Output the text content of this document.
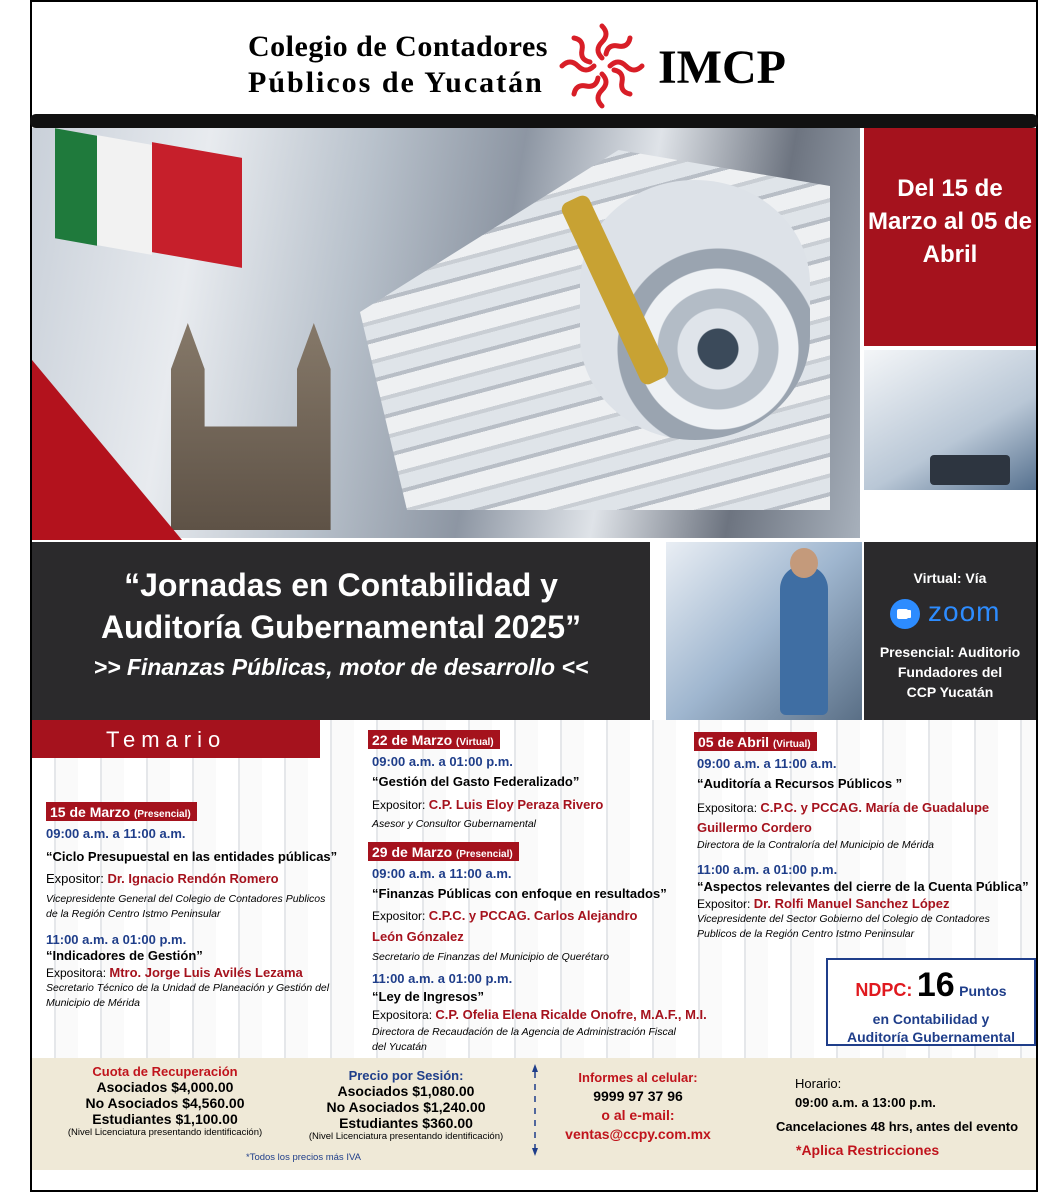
Colegio de Contadores
Públicos de Yucatán IMCP
Del 15 de Marzo al 05 de Abril
“Jornadas en Contabilidad y
Auditoría Gubernamental 2025”
>> Finanzas Públicas, motor de desarrollo <<
Virtual: Vía
zoom
Presencial: Auditorio
Fundadores del
CCP Yucatán
Temario
15 de Marzo (Presencial)
09:00 a.m. a 11:00 a.m.
“Ciclo Presupuestal en las entidades públicas”
Expositor: Dr. Ignacio Rendón Romero
Vicepresidente General del Colegio de Contadores Publicos
de la Región Centro Istmo Peninsular
11:00 a.m. a 01:00 p.m.
“Indicadores de Gestión”
Expositora: Mtro. Jorge Luis Avilés Lezama
Secretario Técnico de la Unidad de Planeación y Gestión del
Municipio de Mérida
22 de Marzo (Virtual)
09:00 a.m. a 01:00 p.m.
“Gestión del Gasto Federalizado”
Expositor: C.P. Luis Eloy Peraza Rivero
Asesor y Consultor Gubernamental
29 de Marzo (Presencial)
09:00 a.m. a 11:00 a.m.
“Finanzas Públicas con enfoque en resultados”
Expositor: C.P.C. y PCCAG. Carlos Alejandro
León Gónzalez
Secretario de Finanzas del Municipio de Querétaro
11:00 a.m. a 01:00 p.m.
“Ley de Ingresos”
Expositora: C.P. Ofelia Elena Ricalde Onofre, M.A.F., M.I.
Directora de Recaudación de la Agencia de Administración Fiscal
del Yucatán
05 de Abril (Virtual)
09:00 a.m. a 11:00 a.m.
“Auditoría a Recursos Públicos ”
Expositora: C.P.C. y PCCAG. María de Guadalupe
Guillermo Cordero
Directora de la Contraloría del Municipio de Mérida
11:00 a.m. a 01:00 p.m.
“Aspectos relevantes del cierre de la Cuenta Pública”
Expositor: Dr. Rolfi Manuel Sanchez López
Vicepresidente del Sector Gobierno del Colegio de Contadores
Publicos de la Región Centro Istmo Peninsular
NDPC: 16 Puntos
en Contabilidad y
Auditoría Gubernamental
Cuota de Recuperación
Asociados $4,000.00
No Asociados $4,560.00
Estudiantes $1,100.00
(Nivel Licenciatura presentando identificación)
Precio por Sesión:
Asociados $1,080.00
No Asociados $1,240.00
Estudiantes $360.00
(Nivel Licenciatura presentando identificación)
*Todos los precios más IVA
Informes al celular:
9999 97 37 96
o al e-mail:
ventas@ccpy.com.mx
Horario:
09:00 a.m. a 13:00 p.m.
Cancelaciones 48 hrs, antes del evento
*Aplica Restricciones
